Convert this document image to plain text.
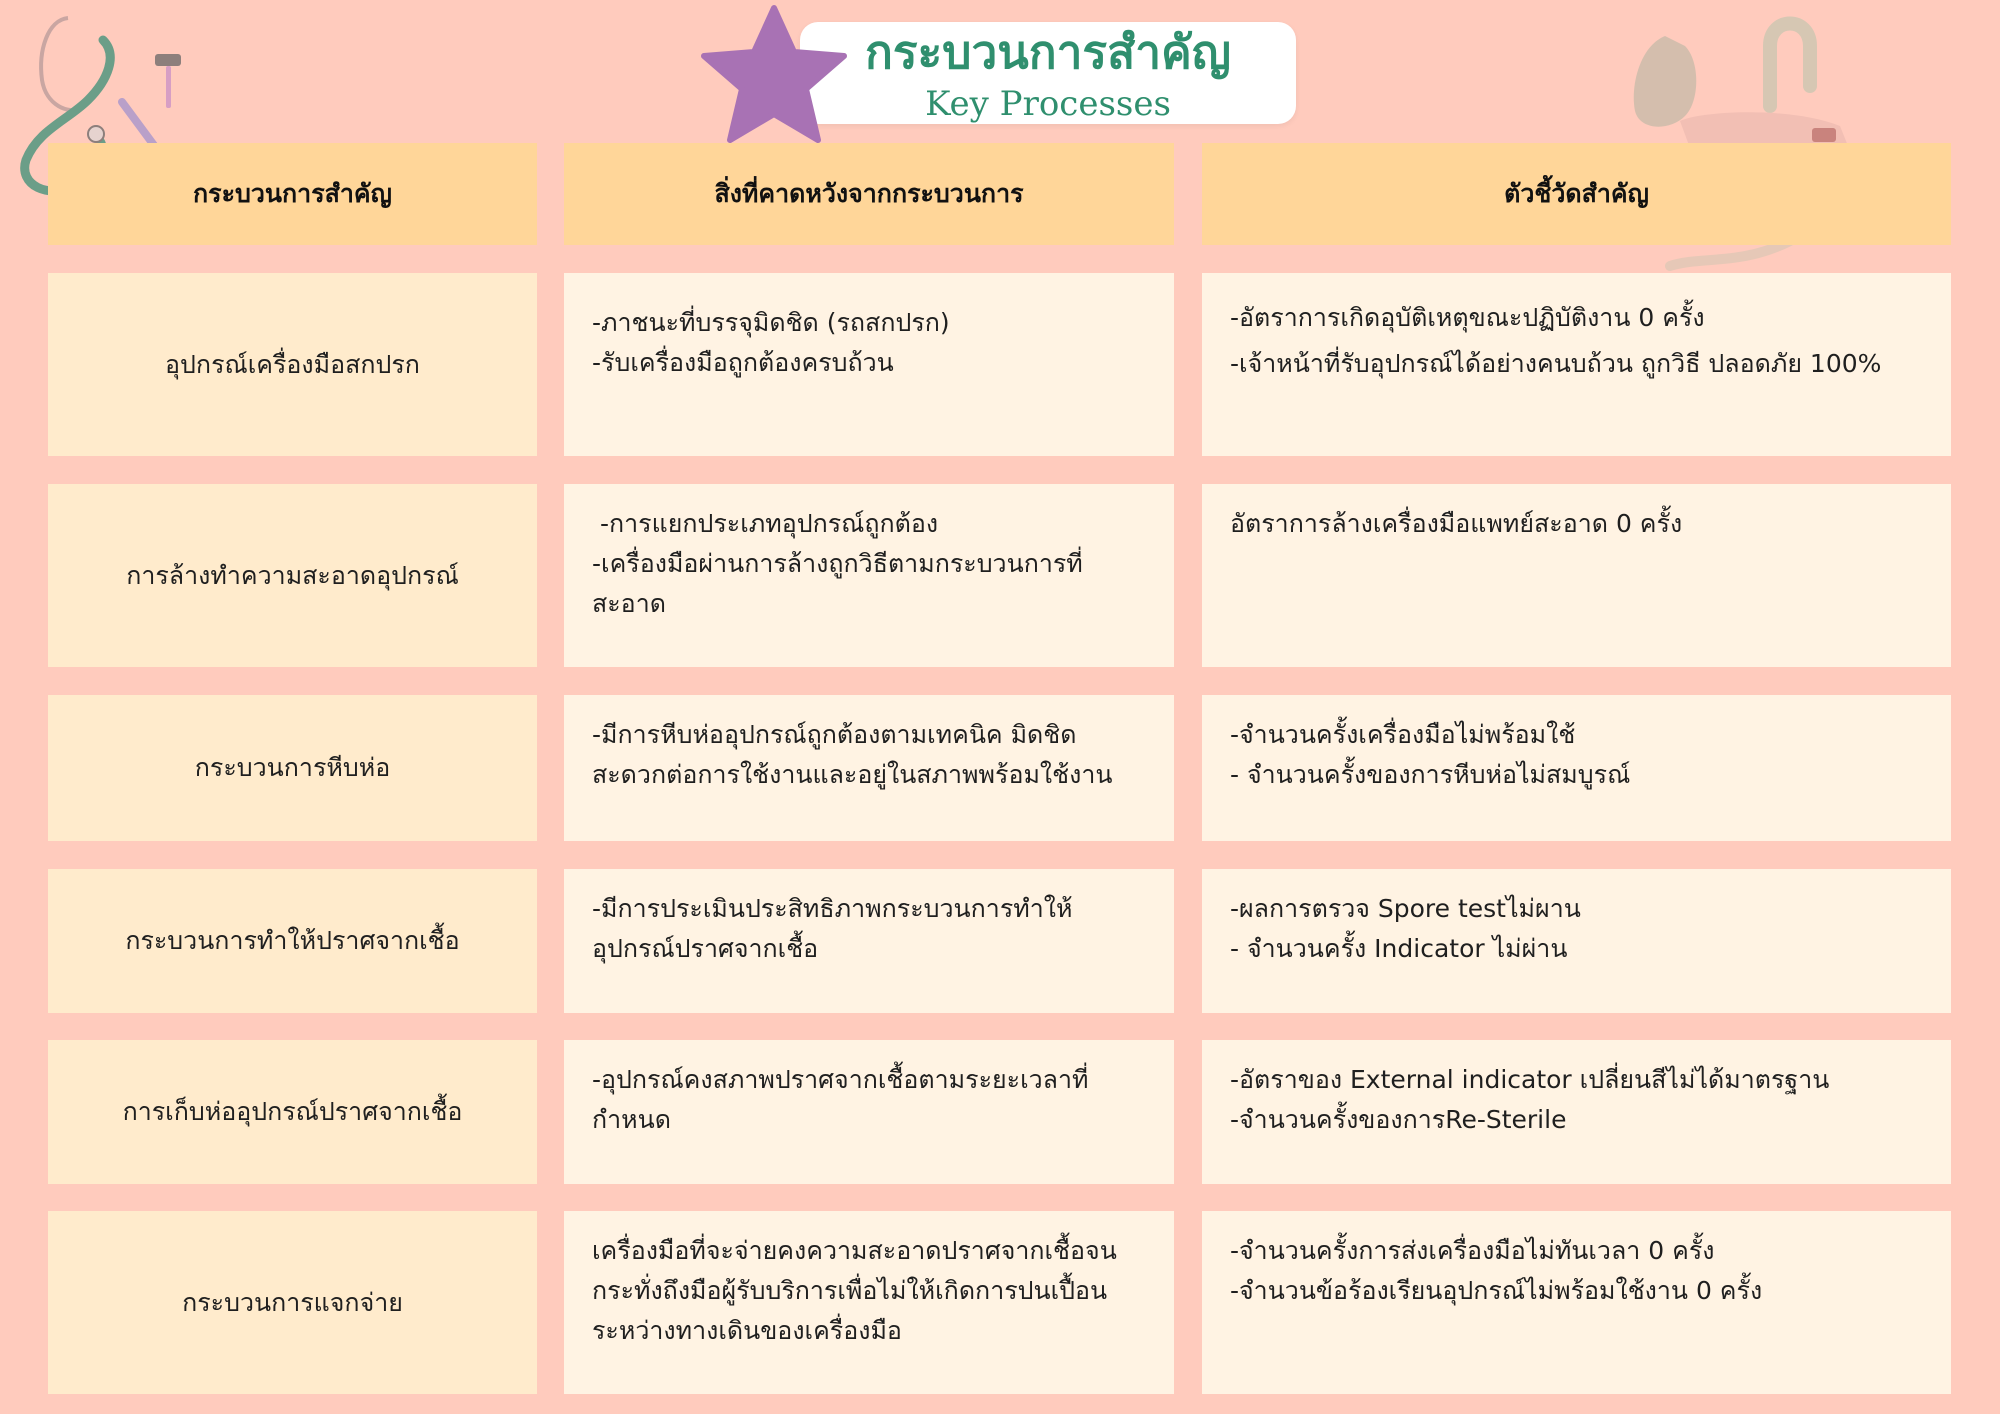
กระบวนการสำคัญ
Key Processes
กระบวนการสำคัญ	สิ่งที่คาดหวังจากกระบวนการ	ตัวชี้วัดสำคัญ
อุปกรณ์เครื่องมือสกปรก
-ภาชนะที่บรรจุมิดชิด (รถสกปรก)
-รับเครื่องมือถูกต้องครบถ้วน
-อัตราการเกิดอุบัติเหตุขณะปฏิบัติงาน 0 ครั้ง
-เจ้าหน้าที่รับอุปกรณ์ได้อย่างคนบถ้วน ถูกวิธี ปลอดภัย 100%
การล้างทำความสะอาดอุปกรณ์
-การแยกประเภทอุปกรณ์ถูกต้อง
-เครื่องมือผ่านการล้างถูกวิธีตามกระบวนการที่
สะอาด
อัตราการล้างเครื่องมือแพทย์สะอาด 0 ครั้ง
กระบวนการหีบห่อ
-มีการหีบห่ออุปกรณ์ถูกต้องตามเทคนิค มิดชิด
สะดวกต่อการใช้งานและอยู่ในสภาพพร้อมใช้งาน
-จำนวนครั้งเครื่องมือไม่พร้อมใช้
- จำนวนครั้งของการหีบห่อไม่สมบูรณ์
กระบวนการทำให้ปราศจากเชื้อ
-มีการประเมินประสิทธิภาพกระบวนการทำให้
อุปกรณ์ปราศจากเชื้อ
-ผลการตรวจ Spore testไม่ผาน
- จำนวนครั้ง Indicator ไม่ผ่าน
การเก็บห่ออุปกรณ์ปราศจากเชื้อ
-อุปกรณ์คงสภาพปราศจากเชื้อตามระยะเวลาที่
กำหนด
-อัตราของ External indicator เปลี่ยนสีไม่ได้มาตรฐาน
-จำนวนครั้งของการRe-Sterile
กระบวนการแจกจ่าย
เครื่องมือที่จะจ่ายคงความสะอาดปราศจากเชื้อจน
กระทั่งถึงมือผู้รับบริการเพื่อไม่ให้เกิดการปนเปื้อน
ระหว่างทางเดินของเครื่องมือ
-จำนวนครั้งการส่งเครื่องมือไม่ทันเวลา 0 ครั้ง
-จำนวนข้อร้องเรียนอุปกรณ์ไม่พร้อมใช้งาน 0 ครั้ง
